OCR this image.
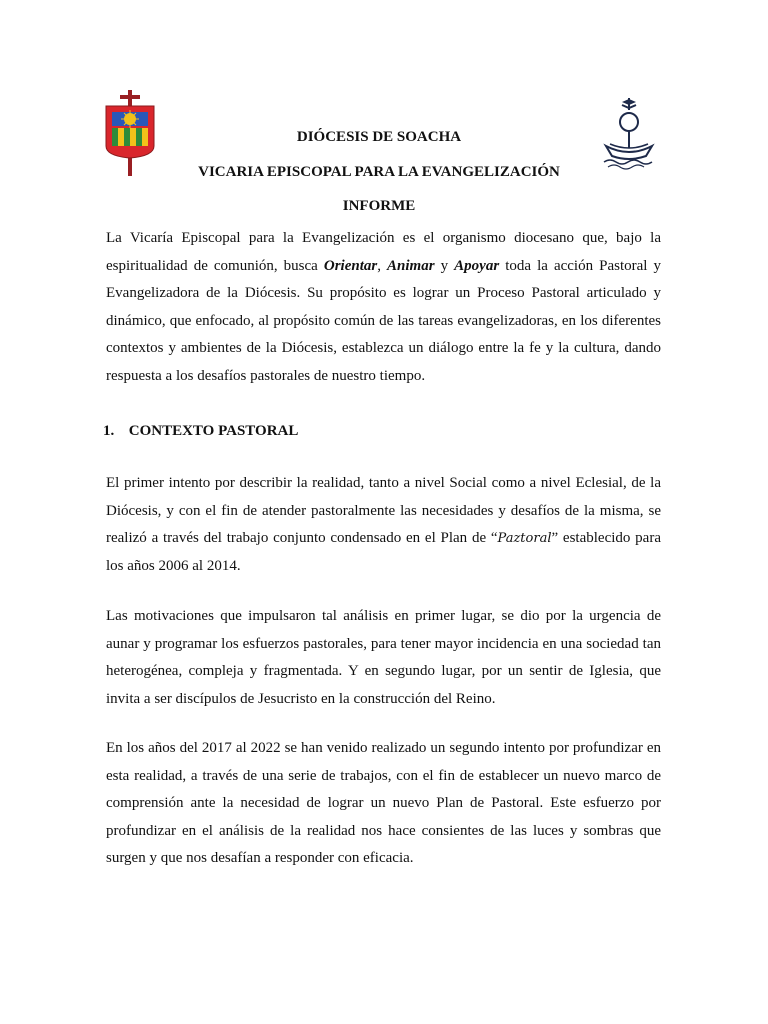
DIÓCESIS DE SOACHA
VICARIA EPISCOPAL PARA LA EVANGELIZACIÓN
INFORME

La Vicaría Episcopal para la Evangelización es el organismo diocesano que, bajo la espiritualidad de comunión, busca Orientar, Animar y Apoyar toda la acción Pastoral y Evangelizadora de la Diócesis. Su propósito es lograr un Proceso Pastoral articulado y dinámico, que enfocado, al propósito común de las tareas evangelizadoras, en los diferentes contextos y ambientes de la Diócesis, establezca un diálogo entre la fe y la cultura, dando respuesta a los desafíos pastorales de nuestro tiempo.

1. CONTEXTO PASTORAL

El primer intento por describir la realidad, tanto a nivel Social como a nivel Eclesial, de la Diócesis, y con el fin de atender pastoralmente las necesidades y desafíos de la misma, se realizó a través del trabajo conjunto condensado en el Plan de “Paztoral” establecido para los años 2006 al 2014.

Las motivaciones que impulsaron tal análisis en primer lugar, se dio por la urgencia de aunar y programar los esfuerzos pastorales, para tener mayor incidencia en una sociedad tan heterogénea, compleja y fragmentada. Y en segundo lugar, por un sentir de Iglesia, que invita a ser discípulos de Jesucristo en la construcción del Reino.

En los años del 2017 al 2022 se han venido realizado un segundo intento por profundizar en esta realidad, a través de una serie de trabajos, con el fin de establecer un nuevo marco de comprensión ante la necesidad de lograr un nuevo Plan de Pastoral. Este esfuerzo por profundizar en el análisis de la realidad nos hace consientes de las luces y sombras que surgen y que nos desafían a responder con eficacia.
